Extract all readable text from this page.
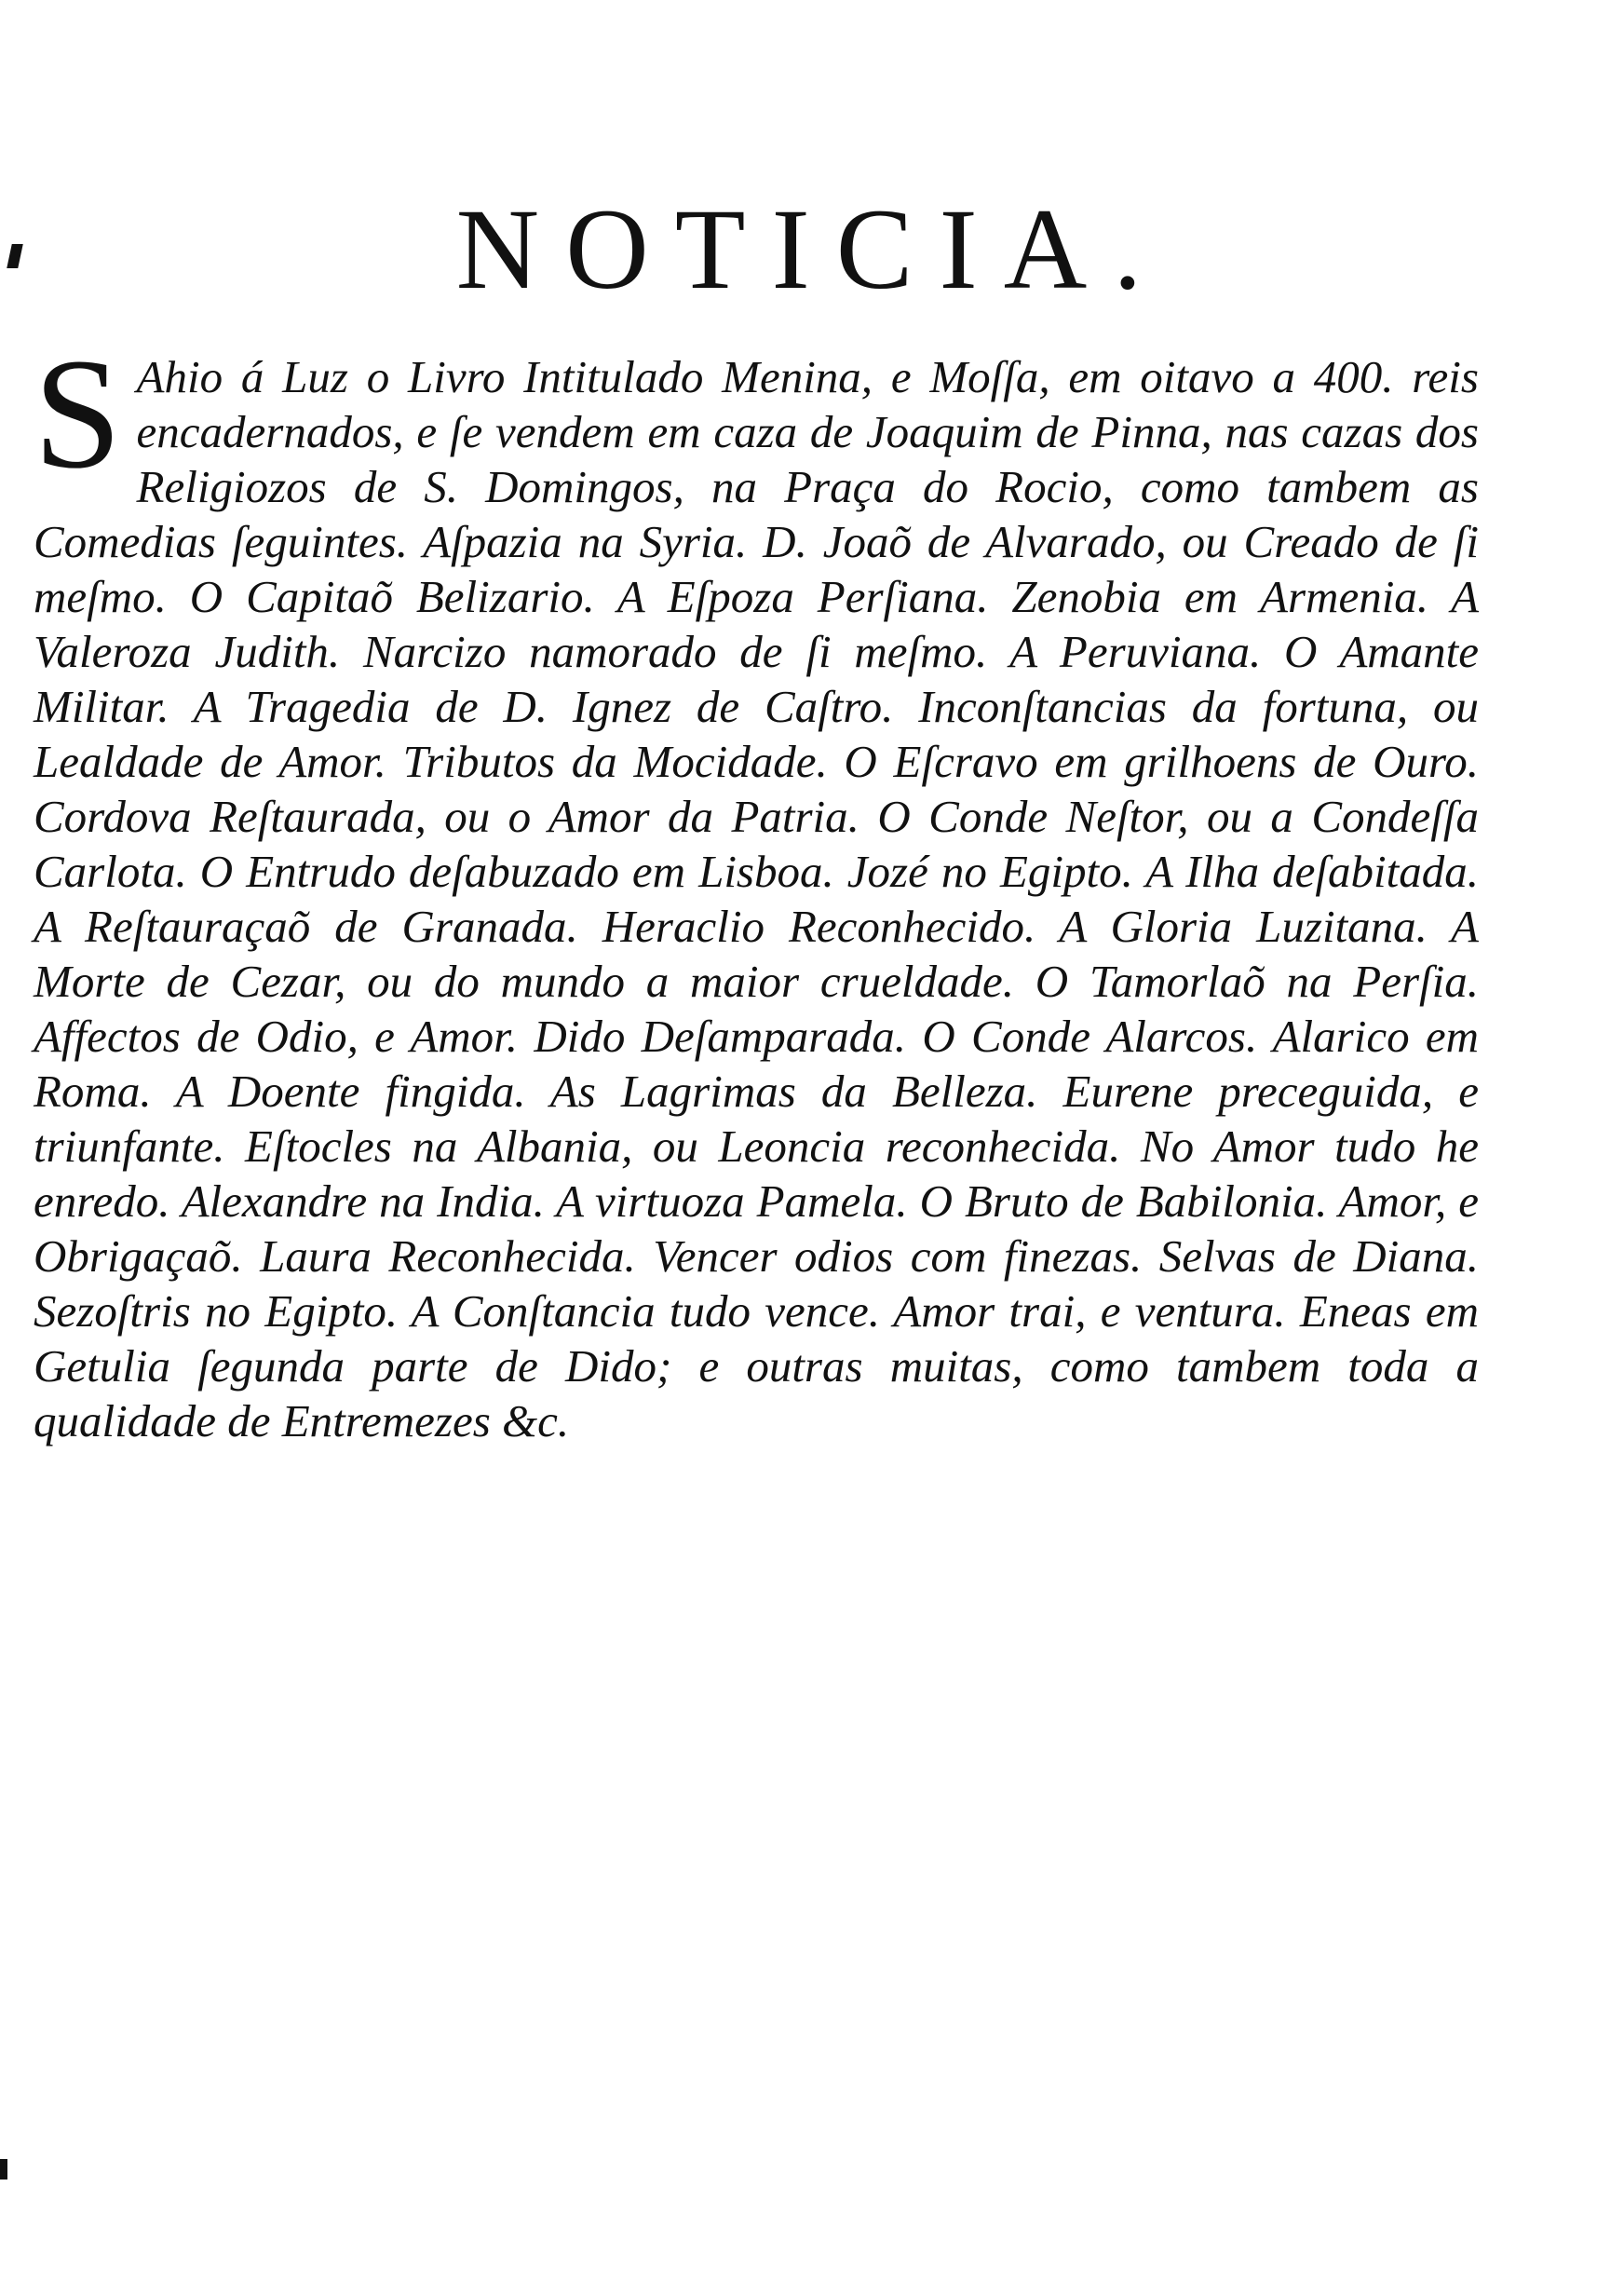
NOTICIA.

S Ahio á Luz o Livro Intitulado Menina, e Moſſa, em oitavo a 400. reis encadernados, e ſe vendem em caza de Joaquim de Pinna, nas cazas dos Religiozos de S. Domingos, na Praça do Rocio, como tambem as Comedias ſeguintes. Aſpazia na Syria. D. Joaõ de Alvarado, ou Creado de ſi meſmo. O Capitaõ Belizario. A Eſpoza Perſiana. Zenobia em Armenia. A Valeroza Judith. Narcizo namorado de ſi meſmo. A Peruviana. O Amante Militar. A Tragedia de D. Ignez de Caſtro. Inconſtancias da fortuna, ou Lealdade de Amor. Tributos da Mocidade. O Eſcravo em grilhoens de Ouro. Cordova Reſtaurada, ou o Amor da Patria. O Conde Neſtor, ou a Condeſſa Carlota. O Entrudo deſabuzado em Lisboa. Jozé no Egipto. A Ilha deſabitada. A Reſtauraçaõ de Granada. Heraclio Reconhecido. A Gloria Luzitana. A Morte de Cezar, ou do mundo a maior crueldade. O Tamorlaõ na Perſia. Affectos de Odio, e Amor. Dido Deſamparada. O Conde Alarcos. Alarico em Roma. A Doente fingida. As Lagrimas da Belleza. Eurene preceguida, e triunfante. Eſtocles na Albania, ou Leoncia reconhecida. No Amor tudo he enredo. Alexandre na India. A virtuoza Pamela. O Bruto de Babilonia. Amor, e Obrigaçaõ. Laura Reconhecida. Vencer odios com finezas. Selvas de Diana. Sezoſtris no Egipto. A Conſtancia tudo vence. Amor trai, e ventura. Eneas em Getulia ſegunda parte de Dido; e outras muitas, como tambem toda a qualidade de Entremezes &c.
